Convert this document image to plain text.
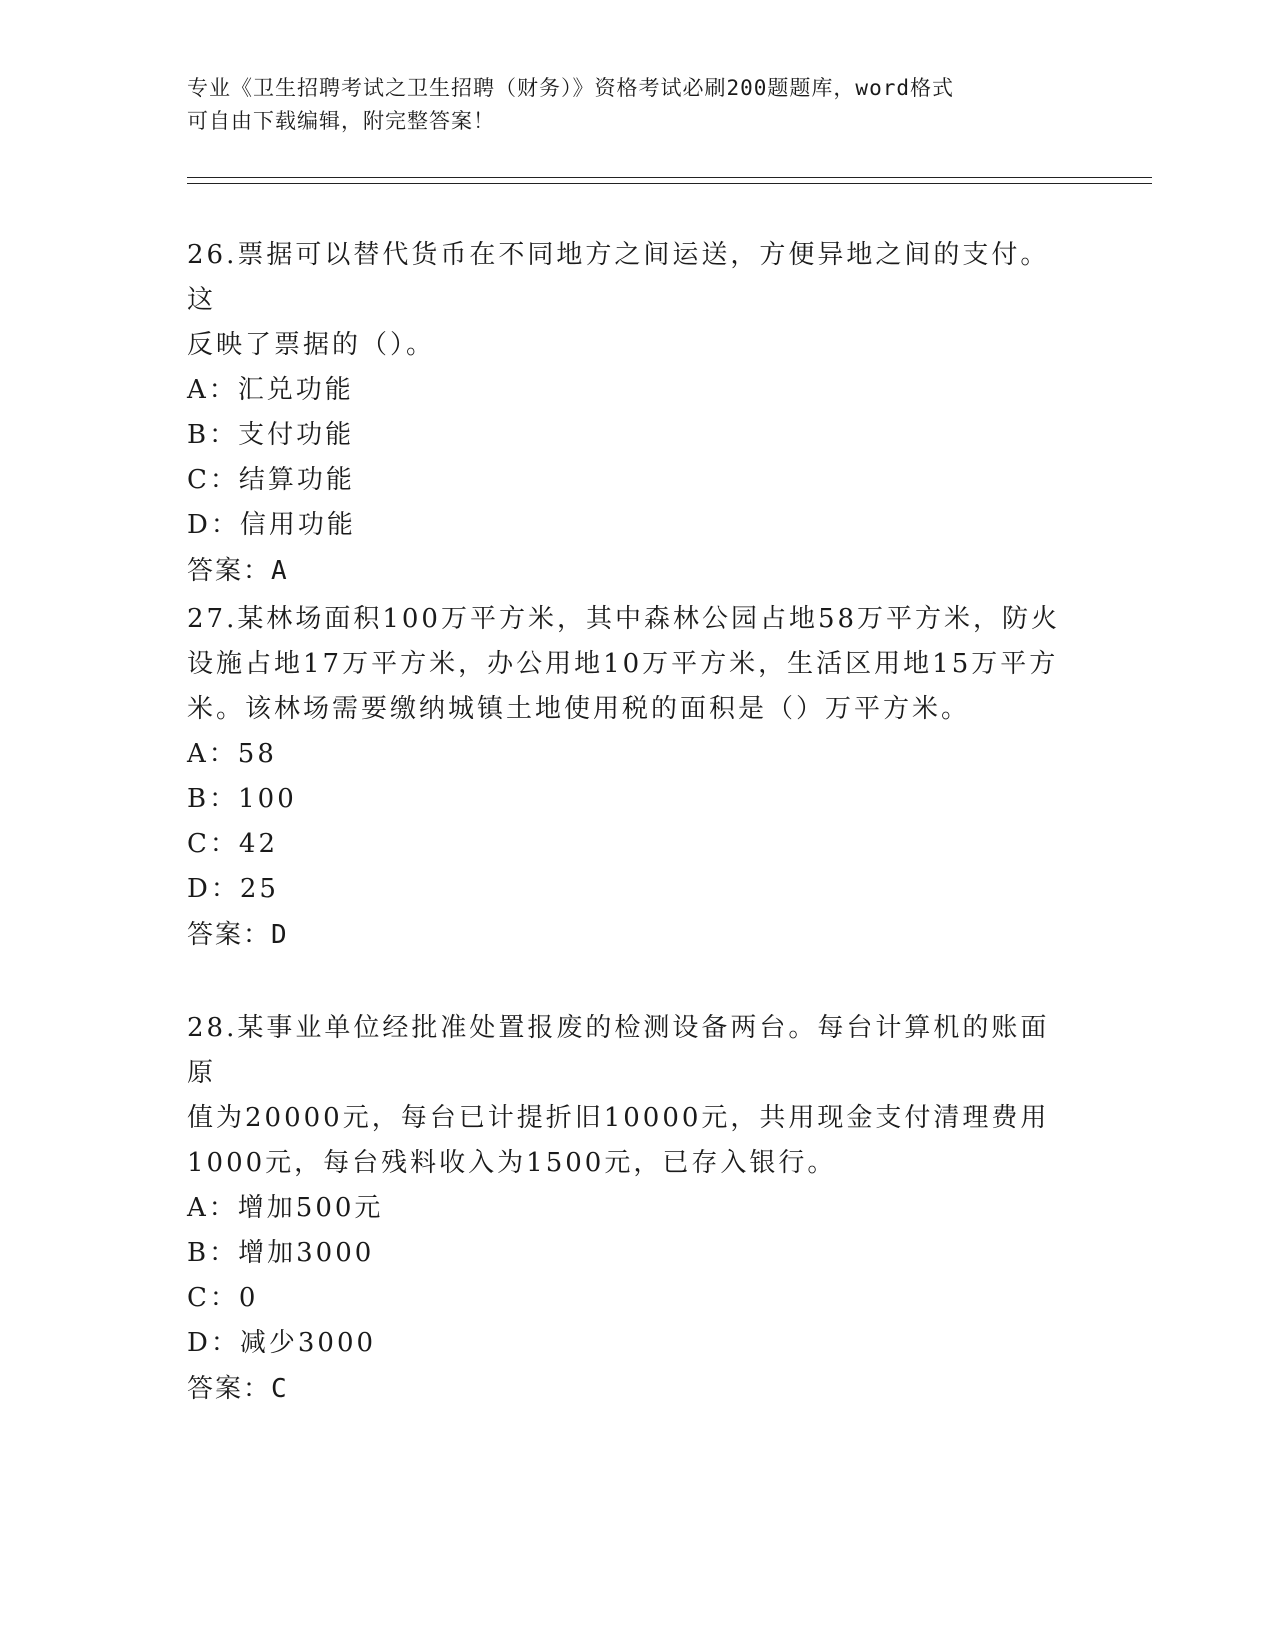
专业《卫生招聘考试之卫生招聘（财务）》资格考试必刷200题题库，word格式
可自由下载编辑，附完整答案！

26.票据可以替代货币在不同地方之间运送，方便异地之间的支付。这

反映了票据的（）。

A：汇兑功能

B：支付功能

C：结算功能

D：信用功能

答案：A

27.某林场面积100万平方米，其中森林公园占地58万平方米，防火

设施占地17万平方米，办公用地10万平方米，生活区用地15万平方

米。该林场需要缴纳城镇土地使用税的面积是（）万平方米。

A：58

B：100

C：42

D：25

答案：D

28.某事业单位经批准处置报废的检测设备两台。每台计算机的账面原

值为20000元，每台已计提折旧10000元，共用现金支付清理费用

1000元，每台残料收入为1500元，已存入银行。

A：增加500元

B：增加3000

C：0

D：减少3000

答案：C
